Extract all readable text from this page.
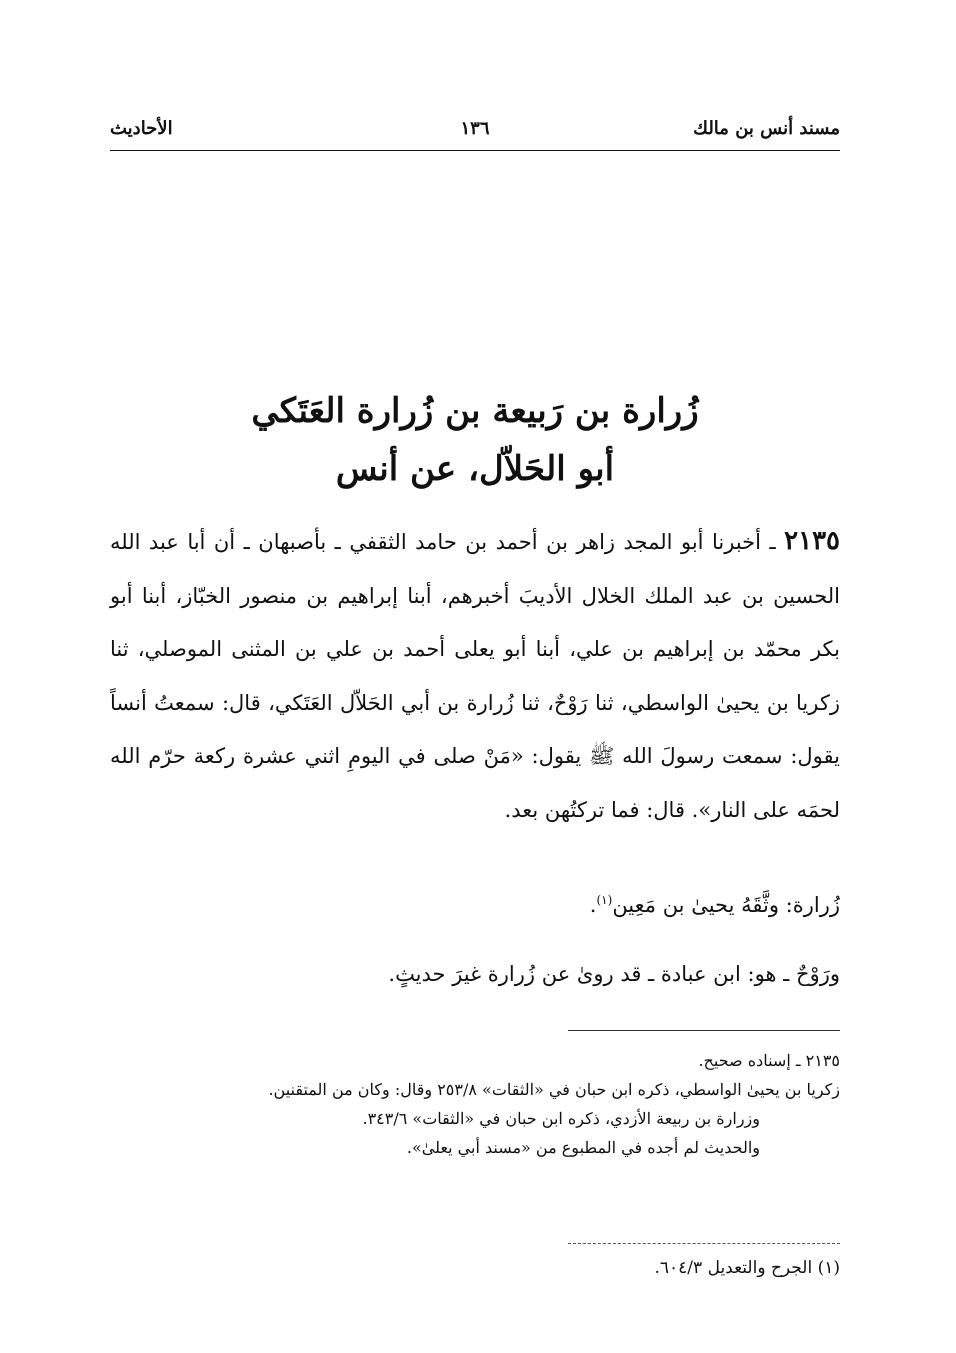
مسند أنس بن مالك
١٣٦
الأحاديث
زُرارة بن رَبيعة بن زُرارة العَتَكي
أبو الحَلاّل، عن أنس
٢١٣٥ ـ أخبرنا أبو المجد زاهر بن أحمد بن حامد الثقفي ـ بأصبهان ـ أن أبا عبد الله الحسين بن عبد الملك الخلال الأديبَ أخبرهم، أبنا إبراهيم بن منصور الخبّاز، أبنا أبو بكر محمّد بن إبراهيم بن علي، أبنا أبو يعلى أحمد بن علي بن المثنى الموصلي، ثنا زكريا بن يحيىٰ الواسطي، ثنا رَوْحٌ، ثنا زُرارة بن أبي الحَلاّل العَتَكي، قال: سمعتُ أنساً يقول: سمعت رسولَ الله ﷺ يقول: «مَنْ صلى في اليومِ اثني عشرة ركعة حرّم الله لحمَه على النار». قال: فما تركتُهن بعد.
زُرارة: وثَّقَهُ يحيىٰ بن مَعِين$^{(١)}$.
ورَوْحٌ ـ هو: ابن عبادة ـ قد روىٰ عن زُرارة غيرَ حديثٍ.

٢١٣٥ ـ إسناده صحيح.

زكريا بن يحيىٰ الواسطي، ذكره ابن حبان في «الثقات» ٢٥٣/٨ وقال: وكان من المتقنين.

وزرارة بن ربيعة الأزدي، ذكره ابن حبان في «الثقات» ٣٤٣/٦.

والحديث لم أجده في المطبوع من «مسند أبي يعلىٰ».

(١) الجرح والتعديل ٦٠٤/٣.
